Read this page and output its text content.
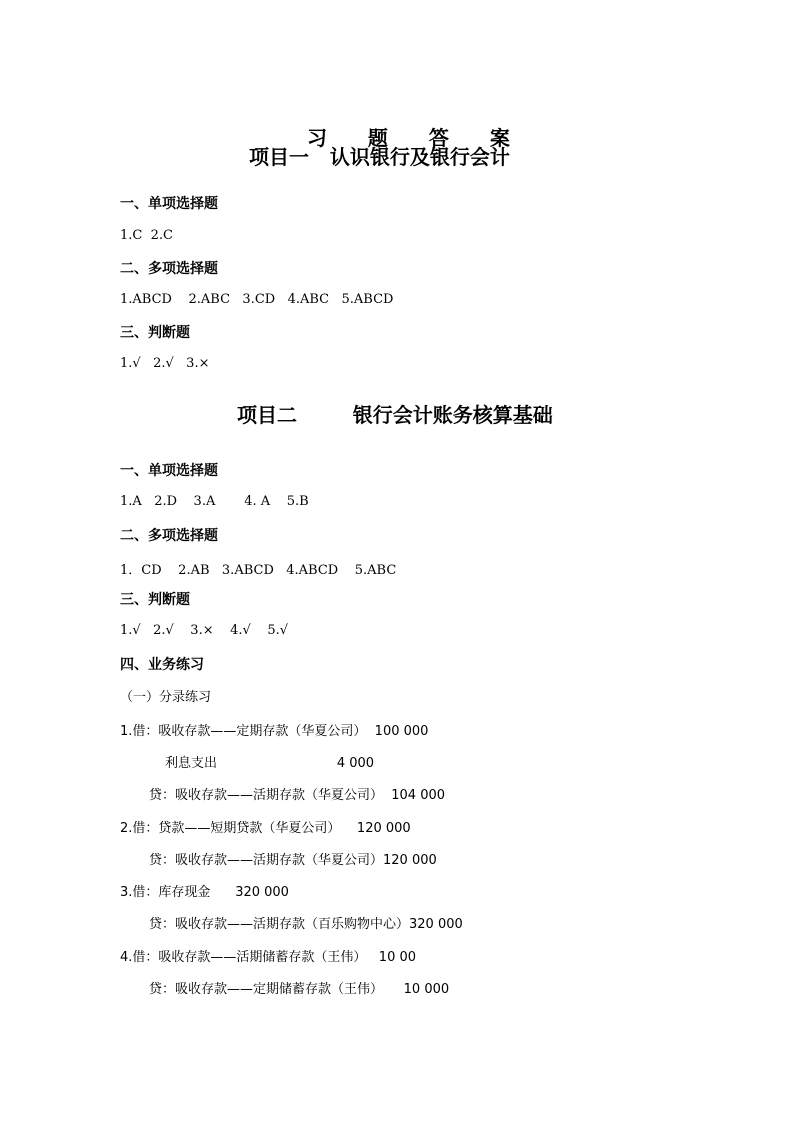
习 题 答 案

项目一   认识银行及银行会计
一、单项选择题
1.C  2.C
二、多项选择题
1.ABCD    2.ABC   3.CD   4.ABC   5.ABCD
三、判断题
1.√   2.√   3.×
项目二        银行会计账务核算基础
一、单项选择题
1.A   2.D    3.A       4. A    5.B
二、多项选择题
1．CD    2.AB   3.ABCD   4.ABCD    5.ABC
三、判断题
1.√   2.√    3.×    4.√    5.√
四、业务练习
（一）分录练习
1.借：吸收存款——定期存款（华夏公司）  100 000
利息支出                             4 000
贷：吸收存款——活期存款（华夏公司）  104 000
2.借：贷款——短期贷款（华夏公司）    120 000
贷：吸收存款——活期存款（华夏公司）120 000
3.借：库存现金      320 000
贷：吸收存款——活期存款（百乐购物中心）320 000
4.借：吸收存款——活期储蓄存款（王伟）   10 00
贷：吸收存款——定期储蓄存款（王伟）     10 000
